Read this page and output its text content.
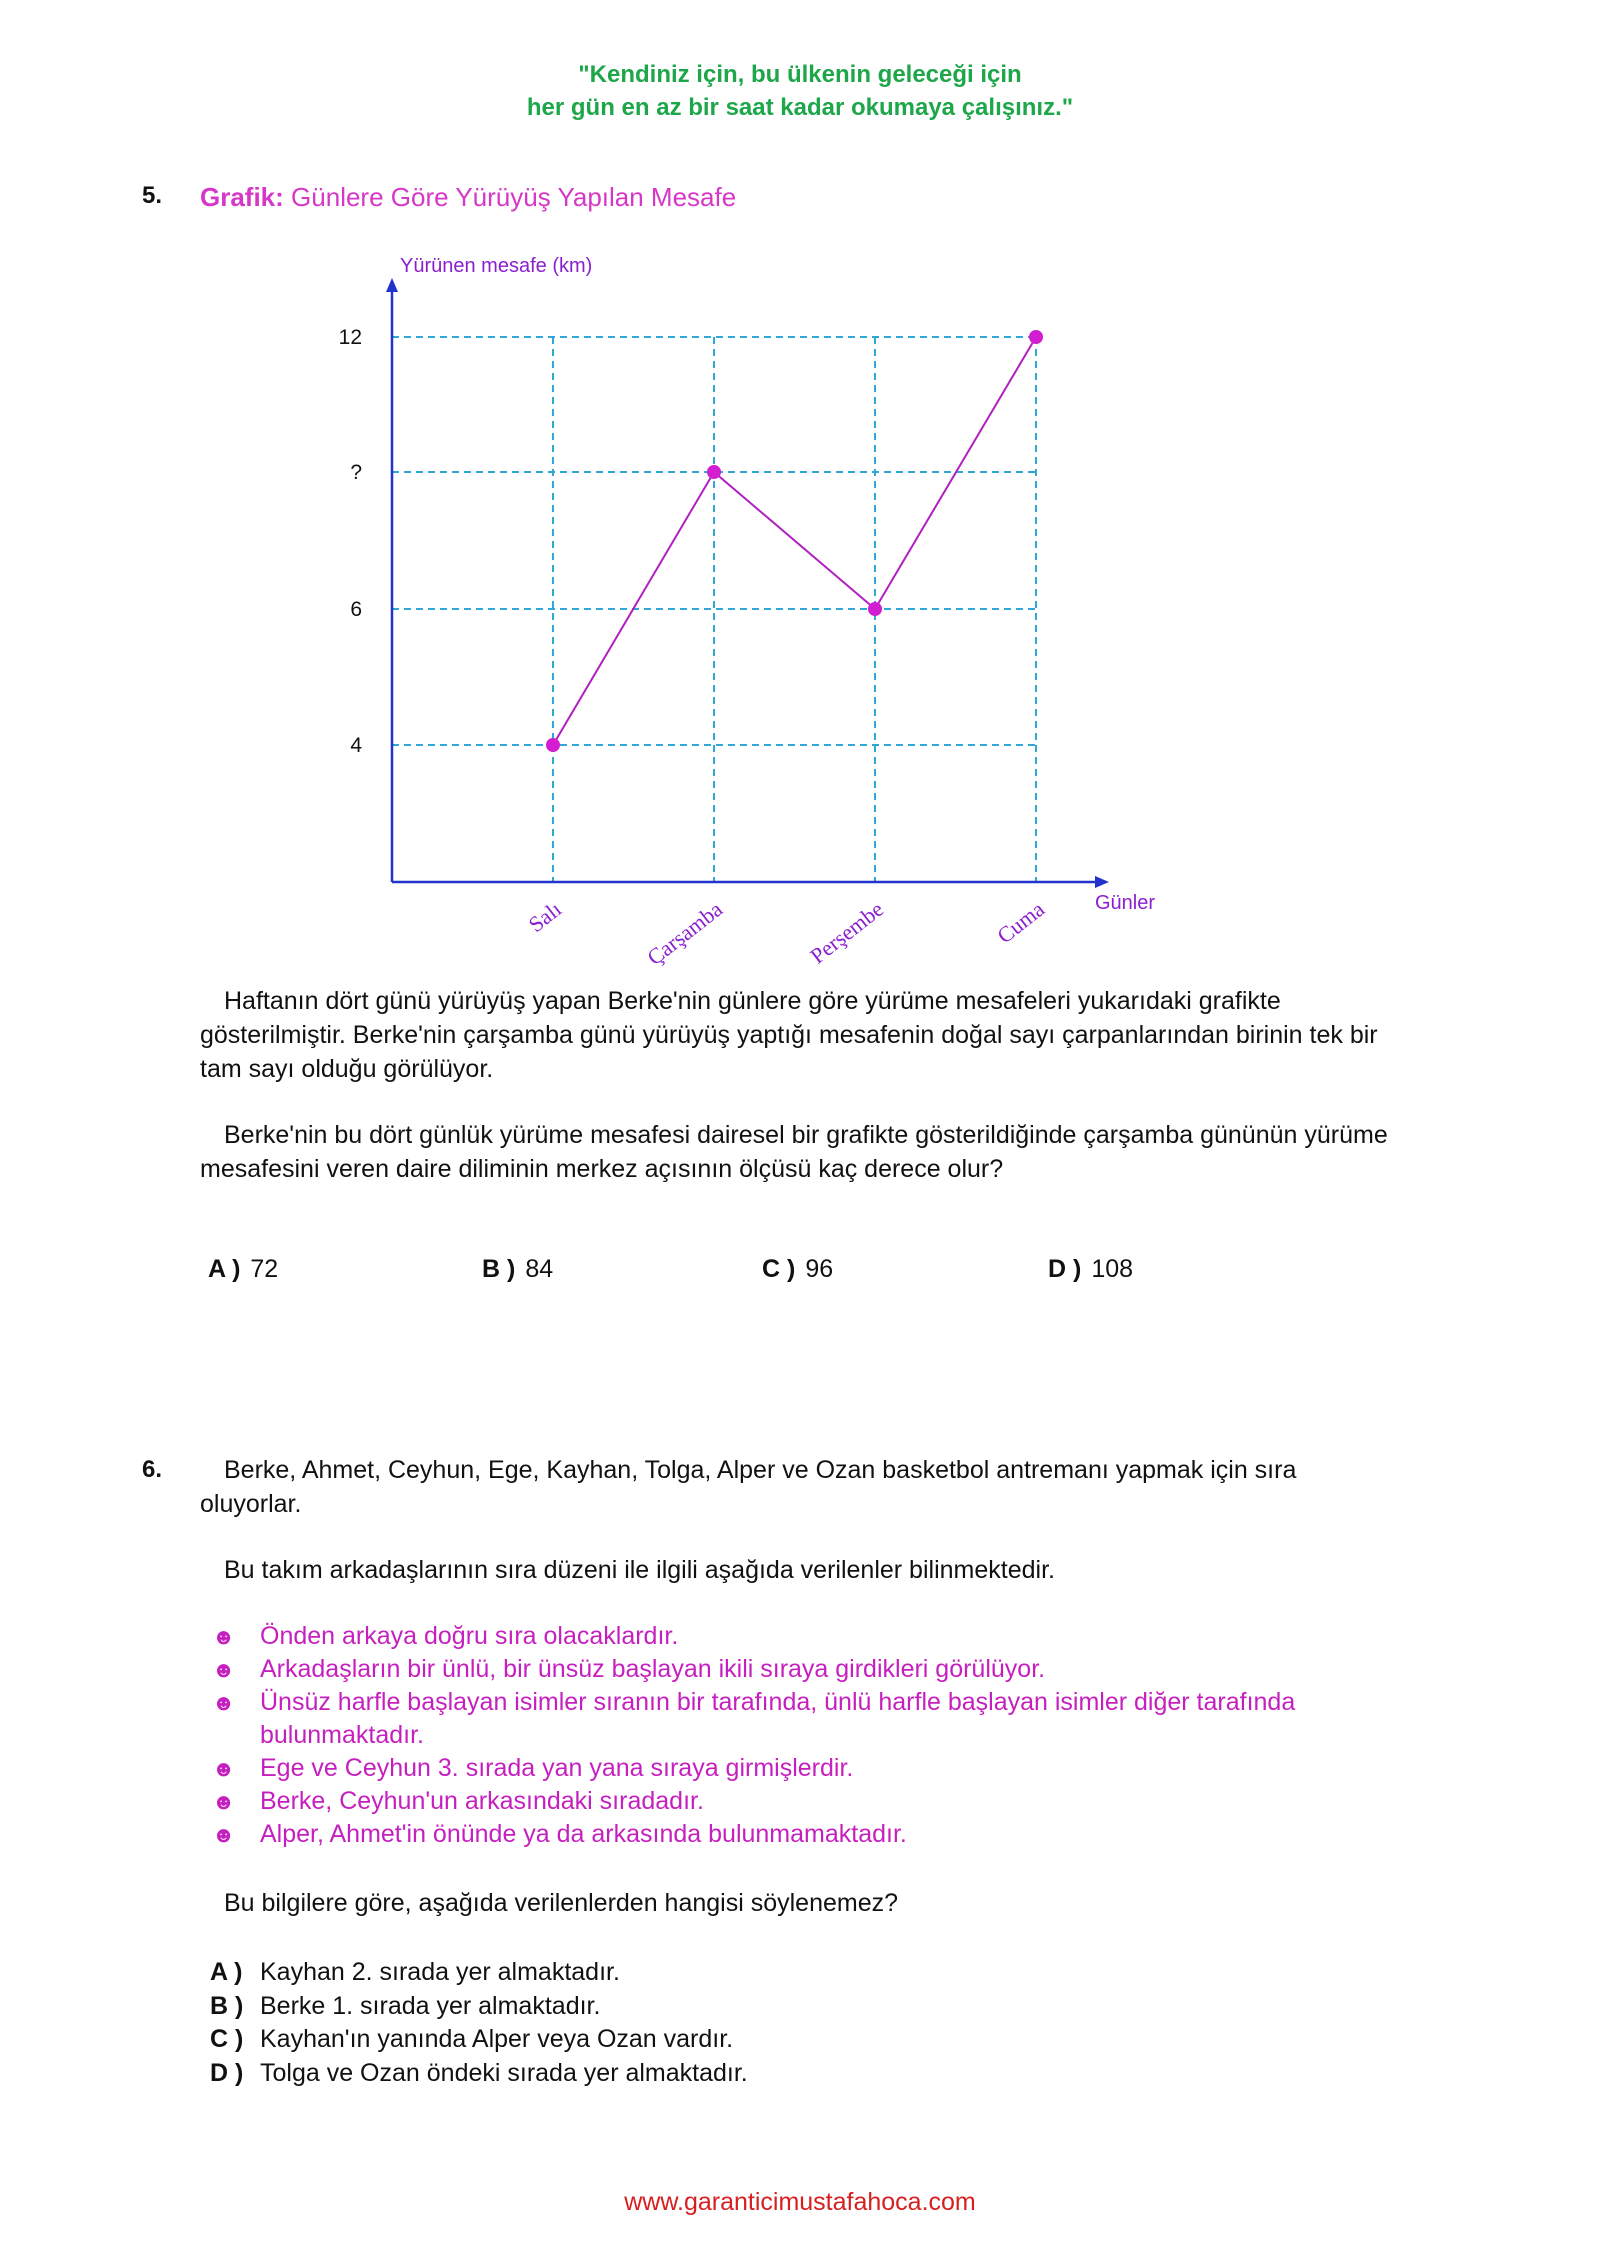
"Kendiniz için, bu ülkenin geleceği için
her gün en az bir saat kadar okumaya çalışınız."
5. Grafik: Günlere Göre Yürüyüş Yapılan Mesafe
Yürünen mesafe (km)
Günler
4
6
?
12
Salı	Çarşamba	Perşembe	Cuma

Haftanın dört günü yürüyüş yapan Berke'nin günlere göre yürüme mesafeleri yukarıdaki grafikte gösterilmiştir. Berke'nin çarşamba günü yürüyüş yaptığı mesafenin doğal sayı çarpanlarından birinin tek bir tam sayı olduğu görülüyor.

Berke'nin bu dört günlük yürüme mesafesi dairesel bir grafikte gösterildiğinde çarşamba gününün yürüme mesafesini veren daire diliminin merkez açısının ölçüsü kaç derece olur?

A ) 72	B ) 84	C ) 96	D ) 108
6.	Berke, Ahmet, Ceyhun, Ege, Kayhan, Tolga, Alper ve Ozan basketbol antremanı yapmak için sıra oluyorlar.

Bu takım arkadaşlarının sıra düzeni ile ilgili aşağıda verilenler bilinmektedir.

☻ Önden arkaya doğru sıra olacaklardır.
☻ Arkadaşların bir ünlü, bir ünsüz başlayan ikili sıraya girdikleri görülüyor.
☻ Ünsüz harfle başlayan isimler sıranın bir tarafında, ünlü harfle başlayan isimler diğer tarafında bulunmaktadır.
☻ Ege ve Ceyhun 3. sırada yan yana sıraya girmişlerdir.
☻ Berke, Ceyhun'un arkasındaki sıradadır.
☻ Alper, Ahmet'in önünde ya da arkasında bulunmamaktadır.

Bu bilgilere göre, aşağıda verilenlerden hangisi söylenemez?

A ) Kayhan 2. sırada yer almaktadır.
B ) Berke 1. sırada yer almaktadır.
C ) Kayhan'ın yanında Alper veya Ozan vardır.
D ) Tolga ve Ozan öndeki sırada yer almaktadır.
www.garanticimustafahoca.com
